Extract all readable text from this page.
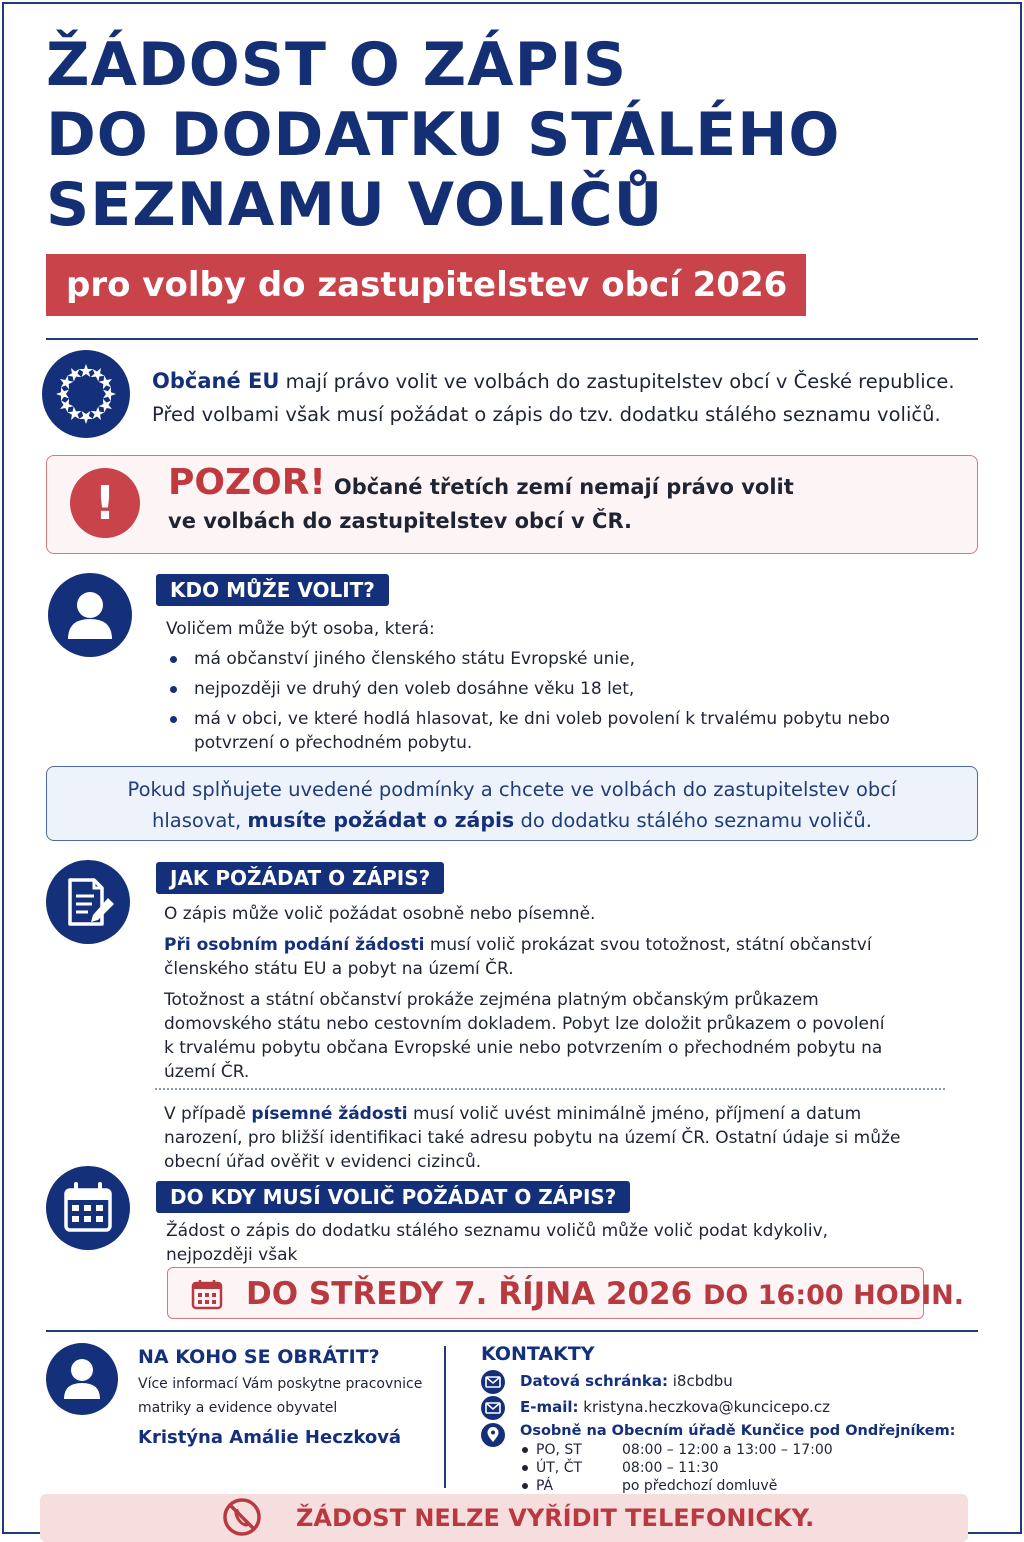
ŽÁDOST O ZÁPIS
DO DODATKU STÁLÉHO
SEZNAMU VOLIČŮ
pro volby do zastupitelstev obcí 2026
Občané EU mají právo volit ve volbách do zastupitelstev obcí v České republice.
Před volbami však musí požádat o zápis do tzv. dodatku stálého seznamu voličů.
!	POZOR! Občané třetích zemí nemají právo volit
ve volbách do zastupitelstev obcí v ČR.
KDO MŮŽE VOLIT?
Voličem může být osoba, která:
má občanství jiného členského státu Evropské unie,
nejpozději ve druhý den voleb dosáhne věku 18 let,
má v obci, ve které hodlá hlasovat, ke dni voleb povolení k trvalému pobytu nebo potvrzení o přechodném pobytu.
Pokud splňujete uvedené podmínky a chcete ve volbách do zastupitelstev obcí
hlasovat, musíte požádat o zápis do dodatku stálého seznamu voličů.
JAK POŽÁDAT O ZÁPIS?
O zápis může volič požádat osobně nebo písemně.
Při osobním podání žádosti musí volič prokázat svou totožnost, státní občanství členského státu EU a pobyt na území ČR.
Totožnost a státní občanství prokáže zejména platným občanským průkazem domovského státu nebo cestovním dokladem. Pobyt lze doložit průkazem o povolení k trvalému pobytu občana Evropské unie nebo potvrzením o přechodném pobytu na území ČR.
V případě písemné žádosti musí volič uvést minimálně jméno, příjmení a datum narození, pro bližší identifikaci také adresu pobytu na území ČR. Ostatní údaje si může obecní úřad ověřit v evidenci cizinců.
DO KDY MUSÍ VOLIČ POŽÁDAT O ZÁPIS?
Žádost o zápis do dodatku stálého seznamu voličů může volič podat kdykoliv, nejpozději však
DO STŘEDY 7. ŘÍJNA 2026 DO 16:00 HODIN.
NA KOHO SE OBRÁTIT?
Více informací Vám poskytne pracovnice matriky a evidence obyvatel
Kristýna Amálie Heczková
KONTAKTY
Datová schránka: i8cbdbu
E-mail: kristyna.heczkova@kuncicepo.cz
Osobně na Obecním úřadě Kunčice pod Ondřejníkem:
PO, ST	08:00 – 12:00 a 13:00 – 17:00
ÚT, ČT	08:00 – 11:30
PÁ	po předchozí domluvě
ŽÁDOST NELZE VYŘÍDIT TELEFONICKY.
